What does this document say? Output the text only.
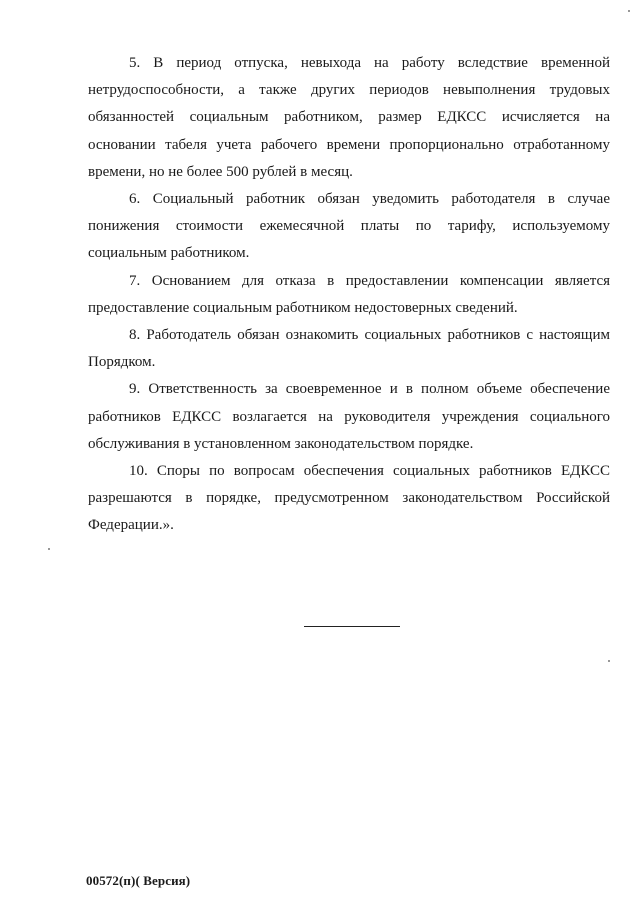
5. В период отпуска, невыхода на работу вследствие временной нетрудоспособности, а также других периодов невыполнения трудовых обязанностей социальным работником, размер ЕДКСС исчисляется на основании табеля учета рабочего времени пропорционально отработанному времени, но не более 500 рублей в месяц.

6. Социальный работник обязан уведомить работодателя в случае понижения стоимости ежемесячной платы по тарифу, используемому социальным работником.

7. Основанием для отказа в предоставлении компенсации является предоставление социальным работником недостоверных сведений.

8. Работодатель обязан ознакомить социальных работников с настоящим Порядком.

9. Ответственность за своевременное и в полном объеме обеспечение работников ЕДКСС возлагается на руководителя учреждения социального обслуживания в установленном законодательством порядке.

10. Споры по вопросам обеспечения социальных работников ЕДКСС разрешаются в порядке, предусмотренном законодательством Российской Федерации.».

00572(п)( Версия)
